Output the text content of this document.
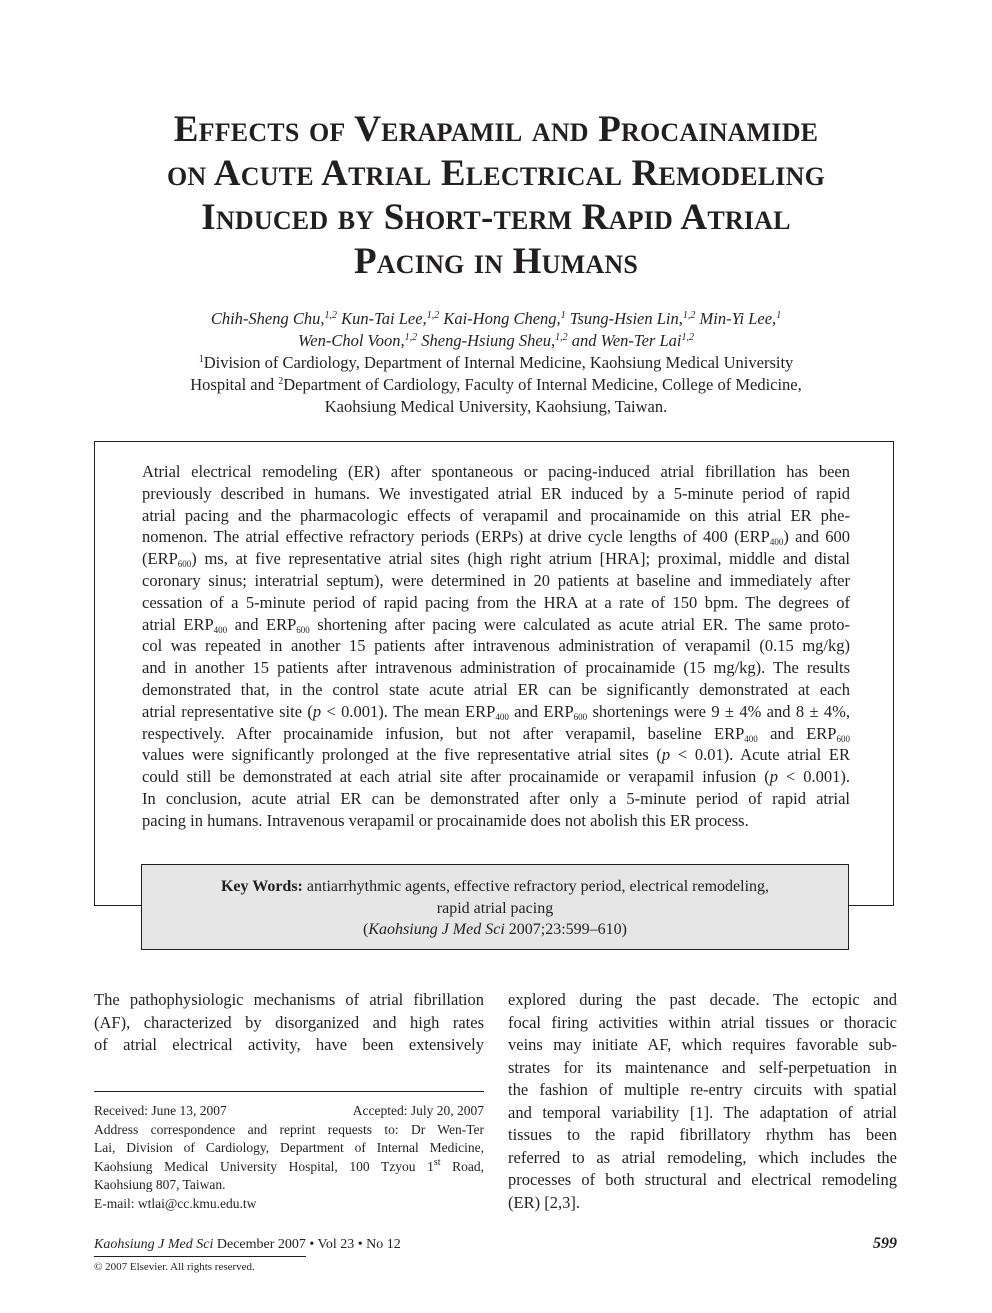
Effects of Verapamil and Procainamide
on Acute Atrial Electrical Remodeling
Induced by Short-term Rapid Atrial
Pacing in Humans
Chih-Sheng Chu,$^{1,2}$ Kun-Tai Lee,$^{1,2}$ Kai-Hong Cheng,$^1$ Tsung-Hsien Lin,$^{1,2}$ Min-Yi Lee,$^1$
Wen-Chol Voon,$^{1,2}$ Sheng-Hsiung Sheu,$^{1,2}$ and Wen-Ter Lai$^{1,2}$
$^1$Division of Cardiology, Department of Internal Medicine, Kaohsiung Medical University
Hospital and $^2$Department of Cardiology, Faculty of Internal Medicine, College of Medicine,
Kaohsiung Medical University, Kaohsiung, Taiwan.
Atrial electrical remodeling (ER) after spontaneous or pacing-induced atrial fibrillation has been
previously described in humans. We investigated atrial ER induced by a 5-minute period of rapid
atrial pacing and the pharmacologic effects of verapamil and procainamide on this atrial ER phe-
nomenon. The atrial effective refractory periods (ERPs) at drive cycle lengths of 400 $(ERP_{400})$ and 600
$(ERP_{600})$ ms, at five representative atrial sites (high right atrium [HRA]; proximal, middle and distal
coronary sinus; interatrial septum), were determined in 20 patients at baseline and immediately after
cessation of a 5-minute period of rapid pacing from the HRA at a rate of 150 bpm. The degrees of
atrial $ERP_{400}$ and $ERP_{600}$ shortening after pacing were calculated as acute atrial ER. The same proto-
col was repeated in another 15 patients after intravenous administration of verapamil (0.15 mg/kg)
and in another 15 patients after intravenous administration of procainamide (15 mg/kg). The results
demonstrated that, in the control state acute atrial ER can be significantly demonstrated at each
atrial representative site (p < 0.001). The mean $ERP_{400}$ and $ERP_{600}$ shortenings were 9 ± 4% and 8 ± 4%,
respectively. After procainamide infusion, but not after verapamil, baseline $ERP_{400}$ and $ERP_{600}$
values were significantly prolonged at the five representative atrial sites (p < 0.01). Acute atrial ER
could still be demonstrated at each atrial site after procainamide or verapamil infusion (p < 0.001).
In conclusion, acute atrial ER can be demonstrated after only a 5-minute period of rapid atrial
pacing in humans. Intravenous verapamil or procainamide does not abolish this ER process.
Key Words: antiarrhythmic agents, effective refractory period, electrical remodeling,
rapid atrial pacing
(Kaohsiung J Med Sci 2007;23:599–610)
The pathophysiologic mechanisms of atrial fibrillation
(AF), characterized by disorganized and high rates
of atrial electrical activity, have been extensively
Received: June 13, 2007	Accepted: July 20, 2007
Address correspondence and reprint requests to: Dr Wen-Ter
Lai, Division of Cardiology, Department of Internal Medicine,
Kaohsiung Medical University Hospital, 100 Tzyou 1st Road,
Kaohsiung 807, Taiwan.
E-mail: wtlai@cc.kmu.edu.tw
explored during the past decade. The ectopic and
focal firing activities within atrial tissues or thoracic
veins may initiate AF, which requires favorable sub-
strates for its maintenance and self-perpetuation in
the fashion of multiple re-entry circuits with spatial
and temporal variability [1]. The adaptation of atrial
tissues to the rapid fibrillatory rhythm has been
referred to as atrial remodeling, which includes the
processes of both structural and electrical remodeling
(ER) [2,3].
Kaohsiung J Med Sci December 2007 • Vol 23 • No 12	599
© 2007 Elsevier. All rights reserved.
